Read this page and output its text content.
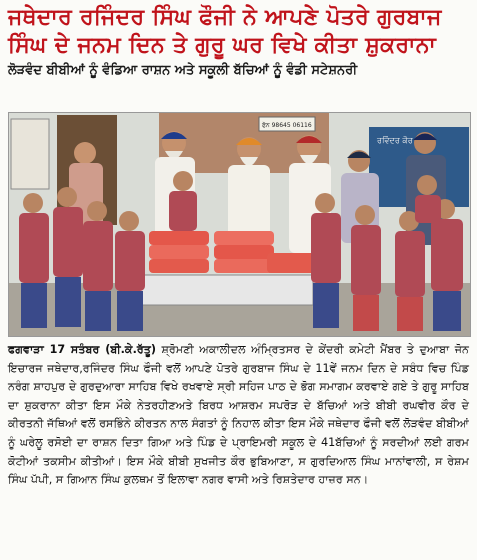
ਜਥੇਦਾਰ ਰਜਿੰਦਰ ਸਿੰਘ ਫੌਜੀ ਨੇ ਆਪਣੇ ਪੋਤਰੇ ਗੁਰਬਾਜ ਸਿੰਘ ਦੇ ਜਨਮ ਦਿਨ ਤੇ ਗੁਰੂ ਘਰ ਵਿਖੇ ਕੀਤਾ ਸ਼ੁਕਰਾਨਾ
ਲੋੜਵੰਦ ਬੀਬੀਆਂ ਨੂੰ ਵੰਡਿਆ ਰਾਸ਼ਨ ਅਤੇ ਸਕੂਲੀ ਬੱਚਿਆਂ ਨੂੰ ਵੰਡੀ ਸਟੇਸ਼ਨਰੀ
ਫੋਨ 98645 06116
ਰਵਿੰਦਰ ਕੌਰ

ਫਗਵਾੜਾ 17 ਸਤੰਬਰ (ਬੀ.ਕੇ.ਰੱਤੂ) ਸ਼੍ਰੋਮਣੀ ਅਕਾਲੀਦਲ ਅੰਮ੍ਰਿਤਸਰ ਦੇ ਕੇਂਦਰੀ ਕਮੇਟੀ ਮੈਂਬਰ ਤੇ ਦੁਆਬਾ ਜੋਨ ਇਚਾਰਜ ਜਥੇਦਾਰ,ਰਜਿੰਦਰ ਸਿੰਘ ਫੌਜੀ ਵਲੋਂ ਆਪਣੇ ਪੋਤਰੇ ਗੁਰਬਾਜ ਸਿੰਘ ਦੇ 11ਵੇਂ ਜਨਮ ਦਿਨ ਦੇ ਸਬੰਧ ਵਿਚ ਪਿੰਡ ਨਰੰਗ ਸ਼ਾਹਪੁਰ ਦੇ ਗੁਰਦੁਆਰਾ ਸਾਹਿਬ ਵਿਖੇ ਰਖਵਾਏ ਸ੍ਰੀ ਸਹਿਜ ਪਾਠ ਦੇ ਭੋਗ ਸਮਾਗਮ ਕਰਵਾਏ ਗਏ ਤੇ ਗੁਰੂ ਸਾਹਿਬ ਦਾ ਸ਼ੁਕਰਾਨਾ ਕੀਤਾ ਇਸ ਮੌਕੇ ਨੇਤਰਹੀਣਅਤੇ ਬਿਰਧ ਆਸ਼ਰਮ ਸਪਰੋੜ ਦੇ ਬੱਚਿਆਂ ਅਤੇ ਬੀਬੀ ਰਘਵੀਰ ਕੌਰ ਦੇ ਕੀਰਤਨੀ ਜੱਥਿਆਂ ਵਲੋਂ ਰਸਭਿੰਨੇ ਕੀਰਤਨ ਨਾਲ ਸੰਗਤਾਂ ਨੂੰ ਨਿਹਾਲ ਕੀਤਾ ਇਸ ਮੌਕੇ ਜਥੇਦਾਰ ਫੌਜੀ ਵਲੋਂ ਲੋੜਵੰਦ ਬੀਬੀਆਂ ਨੂੰ ਘਰੇਲੂ ਰਸੋਈ ਦਾ ਰਾਸ਼ਨ ਦਿਤਾ ਗਿਆ ਅਤੇ ਪਿੰਡ ਦੇ ਪ੍ਰਾਇਮਰੀ ਸਕੂਲ ਦੇ 41ਬੱਚਿਆਂ ਨੂੰ ਸਰਦੀਆਂ ਲਈ ਗਰਮ ਕੋਟੀਆਂ ਤਕਸੀਮ ਕੀਤੀਆਂ। ਇਸ ਮੌਕੇ ਬੀਬੀ ਸੁਖਜੀਤ ਕੌਰ ਭੁਬਿਆਣਾ, ਸ ਗੁਰਦਿਆਲ ਸਿੰਘ ਮਾਨਾਂਵਾਲੀ, ਸ ਰੇਸ਼ਮ ਸਿੰਘ ਪੱਪੀ, ਸ ਗਿਆਨ ਸਿੰਘ ਕੁਲਥਮ ਤੋਂ ਇਲਾਵਾ ਨਗਰ ਵਾਸੀ ਅਤੇ ਰਿਸ਼ਤੇਦਾਰ ਹਾਜ਼ਰ ਸਨ।
